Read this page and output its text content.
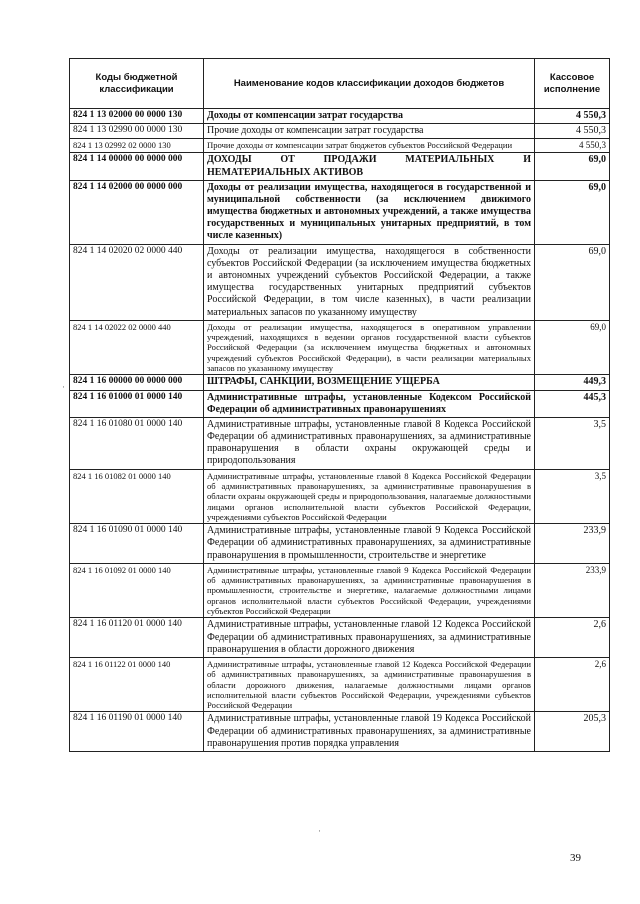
Коды бюджетной классификации	Наименование кодов классификации доходов бюджетов	Кассовое исполнение
824 1 13 02000 00 0000 130	Доходы от компенсации затрат государства	4 550,3
824 1 13 02990 00 0000 130	Прочие доходы от компенсации затрат государства	4 550,3
824 1 13 02992 02 0000 130	Прочие доходы от компенсации затрат бюджетов субъектов Российской Федерации	4 550,3
824 1 14 00000 00 0000 000	ДОХОДЫ ОТ ПРОДАЖИ МАТЕРИАЛЬНЫХ И НЕМАТЕРИАЛЬНЫХ АКТИВОВ	69,0
824 1 14 02000 00 0000 000	Доходы от реализации имущества, находящегося в государственной и муниципальной собственности (за исключением движимого имущества бюджетных и автономных учреждений, а также имущества государственных и муниципальных унитарных предприятий, в том числе казенных)	69,0
824 1 14 02020 02 0000 440	Доходы от реализации имущества, находящегося в собственности субъектов Российской Федерации (за исключением имущества бюджетных и автономных учреждений субъектов Российской Федерации, а также имущества государственных унитарных предприятий субъектов Российской Федерации, в том числе казенных), в части реализации материальных запасов по указанному имуществу	69,0
824 1 14 02022 02 0000 440	Доходы от реализации имущества, находящегося в оперативном управлении учреждений, находящихся в ведении органов государственной власти субъектов Российской Федерации (за исключением имущества бюджетных и автономных учреждений субъектов Российской Федерации), в части реализации материальных запасов по указанному имуществу	69,0
824 1 16 00000 00 0000 000	ШТРАФЫ, САНКЦИИ, ВОЗМЕЩЕНИЕ УЩЕРБА	449,3
824 1 16 01000 01 0000 140	Административные штрафы, установленные Кодексом Российской Федерации об административных правонарушениях	445,3
824 1 16 01080 01 0000 140	Административные штрафы, установленные главой 8 Кодекса Российской Федерации об административных правонарушениях, за административные правонарушения в области охраны окружающей среды и природопользования	3,5
824 1 16 01082 01 0000 140	Административные штрафы, установленные главой 8 Кодекса Российской Федерации об административных правонарушениях, за административные правонарушения в области охраны окружающей среды и природопользования, налагаемые должностными лицами органов исполнительной власти субъектов Российской Федерации, учреждениями субъектов Российской Федерации	3,5
824 1 16 01090 01 0000 140	Административные штрафы, установленные главой 9 Кодекса Российской Федерации об административных правонарушениях, за административные правонарушения в промышленности, строительстве и энергетике	233,9
824 1 16 01092 01 0000 140	Административные штрафы, установленные главой 9 Кодекса Российской Федерации об административных правонарушениях, за административные правонарушения в промышленности, строительстве и энергетике, налагаемые должностными лицами органов исполнительной власти субъектов Российской Федерации, учреждениями субъектов Российской Федерации	233,9
824 1 16 01120 01 0000 140	Административные штрафы, установленные главой 12 Кодекса Российской Федерации об административных правонарушениях, за административные правонарушения в области дорожного движения	2,6
824 1 16 01122 01 0000 140	Административные штрафы, установленные главой 12 Кодекса Российской Федерации об административных правонарушениях, за административные правонарушения в области дорожного движения, налагаемые должностными лицами органов исполнительной власти субъектов Российской Федерации, учреждениями субъектов Российской Федерации	2,6
824 1 16 01190 01 0000 140	Административные штрафы, установленные главой 19 Кодекса Российской Федерации об административных правонарушениях, за административные правонарушения против порядка управления	205,3
39
·
·
